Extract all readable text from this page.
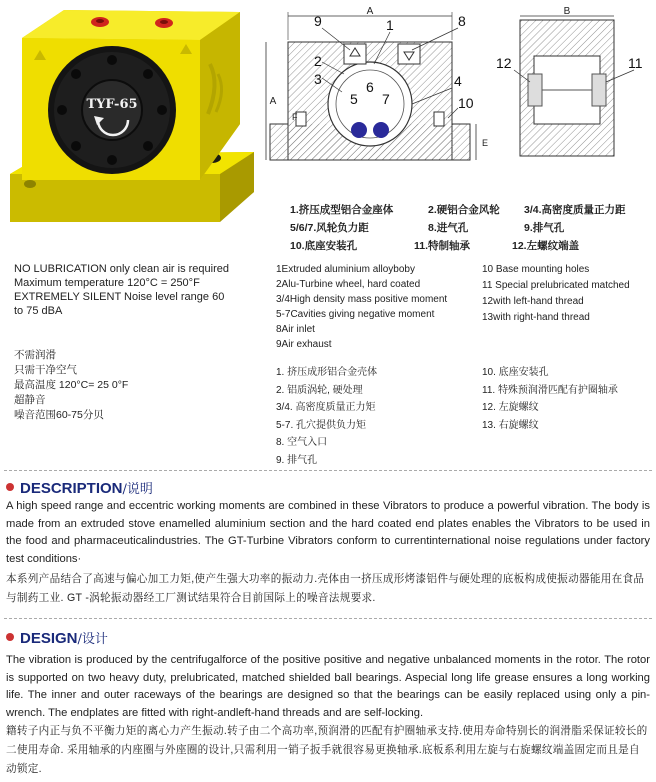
TYF-65
A
A
F
E
9	1	8
2
3
5
6
7
4
10
B
12	11
1.挤压成型铝合金座体	2.硬铝合金风轮 3/4.高密度质量正力距
5/6/7.风轮负力距	8.进气孔	9.排气孔
10.底座安装孔	11.特制轴承	12.左螺纹端盖
NO LUBRICATION only clean air is required
Maximum temperature 120°C = 250°F
EXTREMELY SILENT Noise level range 60
to 75 dBA
不需润滑
只需干净空气
最高温度 120°C= 25 0°F
超静音
噪音范围60-75分贝
1Extruded aluminium alloyboby
2Alu-Turbine wheel, hard coated
3/4High density mass positive moment
5-7Cavities giving negative moment
8Air inlet
9Air exhaust
10 Base mounting holes
11 Special prelubricated matched
12with left-hand thread
13with right-hand thread
1. 挤压成形铝合金壳体
2. 铝质涡轮, 硬处理
3/4. 高密度质量正力矩
5-7. 孔穴提供负力矩
8. 空气入口
9. 排气孔
10. 底座安装孔
11. 特殊预润滑匹配有护圈轴承
12. 左旋螺纹
13. 右旋螺纹
DESCRIPTION/说明
A high speed range and eccentric working moments are combined in these Vibrators to produce a powerful vibration. The body is made from an extruded stove enamelled aluminium section and the hard coated end plates enables the Vibrators to be used in the food and pharmaceuticalindustries. The GT-Turbine Vibrators conform to currentinternational noise regulations under factory test conditions·
本系列产品结合了高速与偏心加工力矩,使产生强大功率的振动力.壳体由一挤压成形烤漆铝件与硬处理的底板构成使振动器能用在食品与制药工业. GT -涡轮振动器经工厂测试结果符合目前国际上的噪音法规要求.
DESIGN/设计
The vibration is produced by the centrifugalforce of the positive positive and negative unbalanced moments in the rotor. The rotor is supported on two heavy duty, prelubricated, matched shielded ball bearings. Aspecial long life grease ensures a long working life. The inner and outer raceways of the bearings are designed so that the bearings can be easily replaced using only a pin-wrench. The endplates are fitted with right-andleft-hand threads and are self-locking.
籍转子内正与负不平衡力矩的离心力产生振动.转子由二个高功率,预润滑的匹配有护圈轴承支持.使用寿命特别长的润滑脂采保证较长的二使用寿命. 采用轴承的内座圈与外座圈的设计,只需利用一销子扳手就很容易更换轴承.底板系利用左旋与右旋螺纹端盖固定而且是自动锁定.
